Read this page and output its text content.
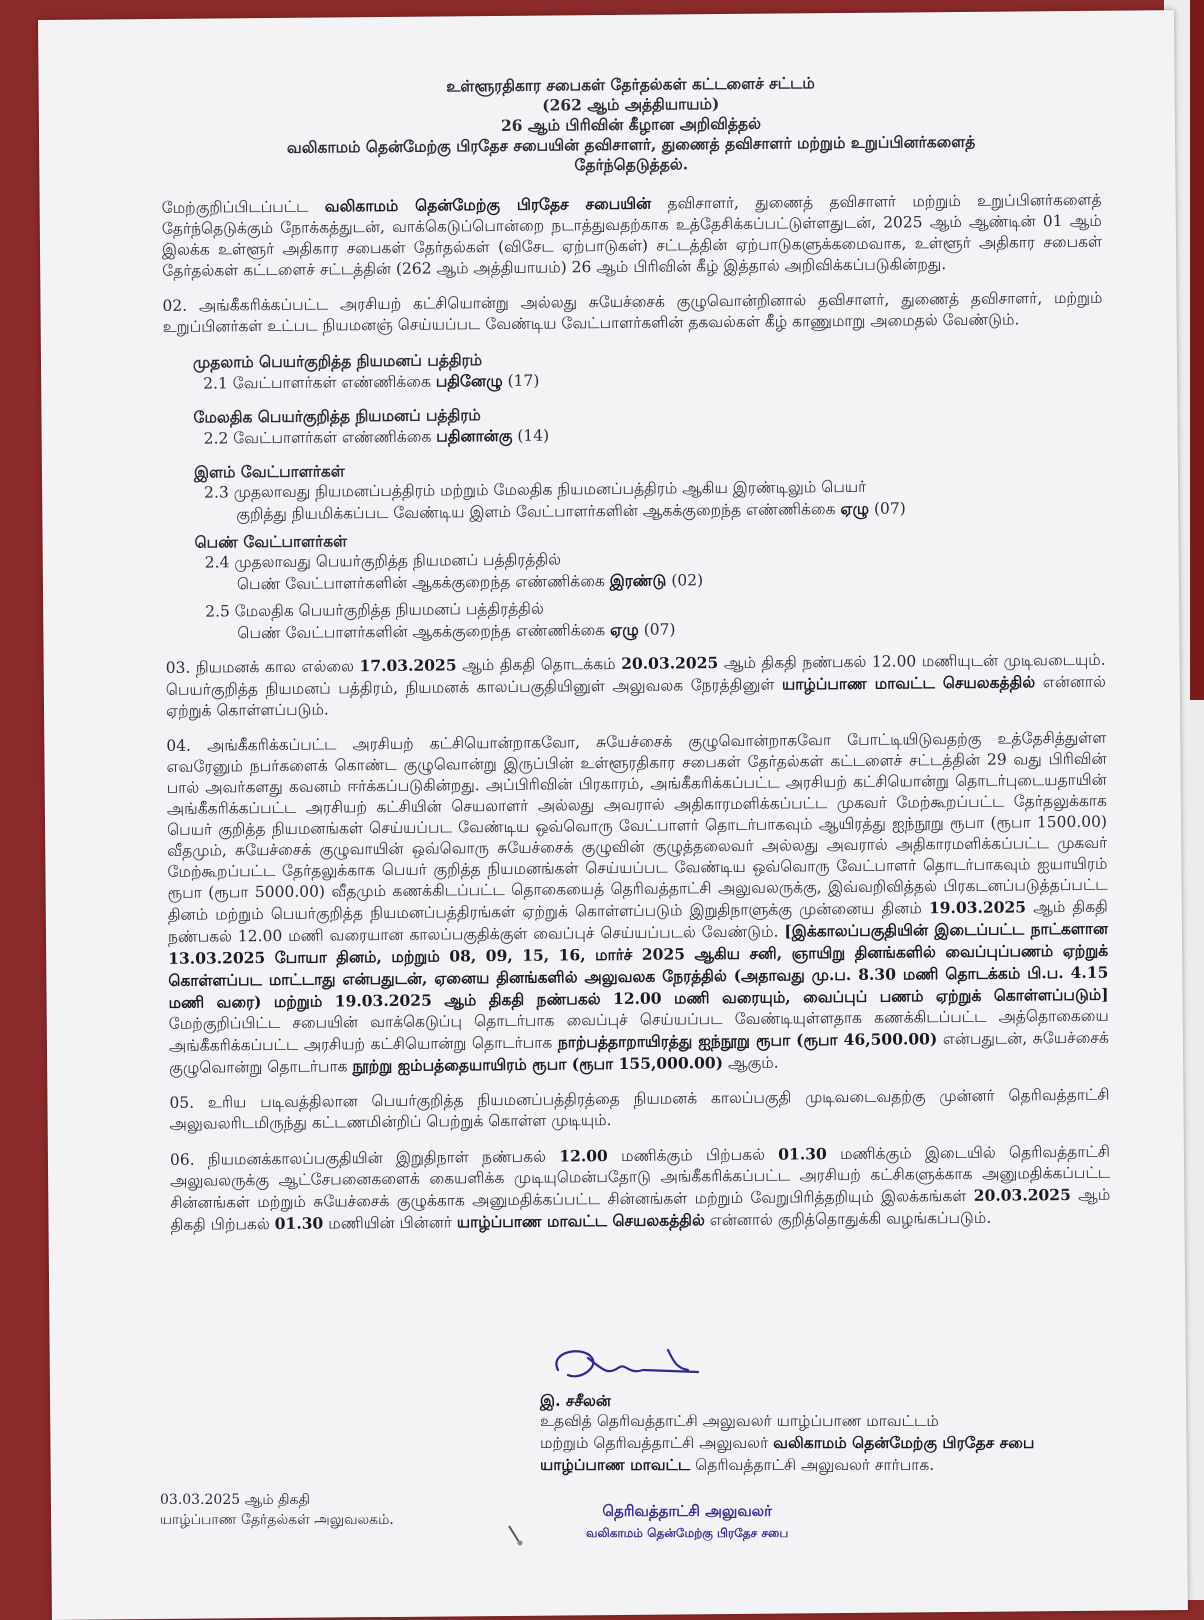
உள்ளூரதிகார சபைகள் தேர்தல்கள் கட்டளைச் சட்டம்
(262 ஆம் அத்தியாயம்)
26 ஆம் பிரிவின் கீழான அறிவித்தல்
வலிகாமம் தென்மேற்கு பிரதேச சபையின் தவிசாளர், துணைத் தவிசாளர் மற்றும் உறுப்பினர்களைத்
தேர்ந்தெடுத்தல்.

மேற்குறிப்பிடப்பட்ட வலிகாமம் தென்மேற்கு பிரதேச சபையின் தவிசாளர், துணைத் தவிசாளர் மற்றும் உறுப்பினர்களைத் தேர்ந்தெடுக்கும் நோக்கத்துடன், வாக்கெடுப்பொன்றை நடாத்துவதற்காக உத்தேசிக்கப்பட்டுள்ளதுடன், 2025 ஆம் ஆண்டின் 01 ஆம் இலக்க உள்ளூர் அதிகார சபைகள் தேர்தல்கள் (விசேட ஏற்பாடுகள்) சட்டத்தின் ஏற்பாடுகளுக்கமைவாக, உள்ளூர் அதிகார சபைகள் தேர்தல்கள் கட்டளைச் சட்டத்தின் (262 ஆம் அத்தியாயம்) 26 ஆம் பிரிவின் கீழ் இத்தால் அறிவிக்கப்படுகின்றது.

02. அங்கீகரிக்கப்பட்ட அரசியற் கட்சியொன்று அல்லது சுயேச்சைக் குழுவொன்றினால் தவிசாளர், துணைத் தவிசாளர், மற்றும் உறுப்பினர்கள் உட்பட நியமனஞ் செய்யப்பட வேண்டிய வேட்பாளர்களின் தகவல்கள் கீழ் காணுமாறு அமைதல் வேண்டும்.

முதலாம் பெயர்குறித்த நியமனப் பத்திரம்
2.1 வேட்பாளர்கள் எண்ணிக்கை பதினேழு (17)
மேலதிக பெயர்குறித்த நியமனப் பத்திரம்
2.2 வேட்பாளர்கள் எண்ணிக்கை பதினான்கு (14)
இளம் வேட்பாளர்கள்
2.3 முதலாவது நியமனப்பத்திரம் மற்றும் மேலதிக நியமனப்பத்திரம் ஆகிய இரண்டிலும் பெயர்
குறித்து நியமிக்கப்பட வேண்டிய இளம் வேட்பாளர்களின் ஆகக்குறைந்த எண்ணிக்கை ஏழு (07)
பெண் வேட்பாளர்கள்
2.4 முதலாவது பெயர்குறித்த நியமனப் பத்திரத்தில்
பெண் வேட்பாளர்களின் ஆகக்குறைந்த எண்ணிக்கை இரண்டு (02)
2.5 மேலதிக பெயர்குறித்த நியமனப் பத்திரத்தில்
பெண் வேட்பாளர்களின் ஆகக்குறைந்த எண்ணிக்கை ஏழு (07)

03. நியமனக் கால எல்லை 17.03.2025 ஆம் திகதி தொடக்கம் 20.03.2025 ஆம் திகதி நண்பகல் 12.00 மணியுடன் முடிவடையும். பெயர்குறித்த நியமனப் பத்திரம், நியமனக் காலப்பகுதியினுள் அலுவலக நேரத்தினுள் யாழ்ப்பாண மாவட்ட செயலகத்தில் என்னால் ஏற்றுக் கொள்ளப்படும்.

04. அங்கீகரிக்கப்பட்ட அரசியற் கட்சியொன்றாகவோ, சுயேச்சைக் குழுவொன்றாகவோ போட்டியிடுவதற்கு உத்தேசித்துள்ள எவரேனும் நபர்களைக் கொண்ட குழுவொன்று இருப்பின் உள்ளூரதிகார சபைகள் தேர்தல்கள் கட்டளைச் சட்டத்தின் 29 வது பிரிவின் பால் அவர்களது கவனம் ஈர்க்கப்படுகின்றது. அப்பிரிவின் பிரகாரம், அங்கீகரிக்கப்பட்ட அரசியற் கட்சியொன்று தொடர்புடையதாயின் அங்கீகரிக்கப்பட்ட அரசியற் கட்சியின் செயலாளர் அல்லது அவரால் அதிகாரமளிக்கப்பட்ட முகவர் மேற்கூறப்பட்ட தேர்தலுக்காக பெயர் குறித்த நியமனங்கள் செய்யப்பட வேண்டிய ஒவ்வொரு வேட்பாளர் தொடர்பாகவும் ஆயிரத்து ஐந்நூறு ரூபா (ரூபா 1500.00) வீதமும், சுயேச்சைக் குழுவாயின் ஒவ்வொரு சுயேச்சைக் குழுவின் குழுத்தலைவர் அல்லது அவரால் அதிகாரமளிக்கப்பட்ட முகவர் மேற்கூறப்பட்ட தேர்தலுக்காக பெயர் குறித்த நியமனங்கள் செய்யப்பட வேண்டிய ஒவ்வொரு வேட்பாளர் தொடர்பாகவும் ஐயாயிரம் ரூபா (ரூபா 5000.00) வீதமும் கணக்கிடப்பட்ட தொகையைத் தெரிவத்தாட்சி அலுவலருக்கு, இவ்வறிவித்தல் பிரகடனப்படுத்தப்பட்ட தினம் மற்றும் பெயர்குறித்த நியமனப்பத்திரங்கள் ஏற்றுக் கொள்ளப்படும் இறுதிநாளுக்கு முன்னைய தினம் 19.03.2025 ஆம் திகதி நண்பகல் 12.00 மணி வரையான காலப்பகுதிக்குள் வைப்புச் செய்யப்படல் வேண்டும். [இக்காலப்பகுதியின் இடைப்பட்ட நாட்களான 13.03.2025 போயா தினம், மற்றும் 08, 09, 15, 16, மார்ச் 2025 ஆகிய சனி, ஞாயிறு தினங்களில் வைப்புப்பணம் ஏற்றுக் கொள்ளப்பட மாட்டாது என்பதுடன், ஏனைய தினங்களில் அலுவலக நேரத்தில் (அதாவது மு.ப. 8.30 மணி தொடக்கம் பி.ப. 4.15 மணி வரை) மற்றும் 19.03.2025 ஆம் திகதி நண்பகல் 12.00 மணி வரையும், வைப்புப் பணம் ஏற்றுக் கொள்ளப்படும்] மேற்குறிப்பிட்ட சபையின் வாக்கெடுப்பு தொடர்பாக வைப்புச் செய்யப்பட வேண்டியுள்ளதாக கணக்கிடப்பட்ட அத்தொகையை அங்கீகரிக்கப்பட்ட அரசியற் கட்சியொன்று தொடர்பாக நாற்பத்தாறாயிரத்து ஐந்நூறு ரூபா (ரூபா 46,500.00) என்பதுடன், சுயேச்சைக் குழுவொன்று தொடர்பாக நூற்று ஐம்பத்தையாயிரம் ரூபா (ரூபா 155,000.00) ஆகும்.

05. உரிய படிவத்திலான பெயர்குறித்த நியமனப்பத்திரத்தை நியமனக் காலப்பகுதி முடிவடைவதற்கு முன்னர் தெரிவத்தாட்சி அலுவலரிடமிருந்து கட்டணமின்றிப் பெற்றுக் கொள்ள முடியும்.

06. நியமனக்காலப்பகுதியின் இறுதிநாள் நண்பகல் 12.00 மணிக்கும் பிற்பகல் 01.30 மணிக்கும் இடையில் தெரிவத்தாட்சி அலுவலருக்கு ஆட்சேபனைகளைக் கையளிக்க முடியுமென்பதோடு அங்கீகரிக்கப்பட்ட அரசியற் கட்சிகளுக்காக அனுமதிக்கப்பட்ட சின்னங்கள் மற்றும் சுயேச்சைக் குழுக்காக அனுமதிக்கப்பட்ட சின்னங்கள் மற்றும் வேறுபிரித்தறியும் இலக்கங்கள் 20.03.2025 ஆம் திகதி பிற்பகல் 01.30 மணியின் பின்னர் யாழ்ப்பாண மாவட்ட செயலகத்தில் என்னால் குறித்தொதுக்கி வழங்கப்படும்.

இ. சசீலன்
உதவித் தெரிவத்தாட்சி அலுவலர் யாழ்ப்பாண மாவட்டம்
மற்றும் தெரிவத்தாட்சி அலுவலர் வலிகாமம் தென்மேற்கு பிரதேச சபை
யாழ்ப்பாண மாவட்ட தெரிவத்தாட்சி அலுவலர் சார்பாக.
03.03.2025 ஆம் திகதி
யாழ்ப்பாண தேர்தல்கள் அலுவலகம்.	தெரிவத்தாட்சி அலுவலர்
வலிகாமம் தென்மேற்கு பிரதேச சபை
